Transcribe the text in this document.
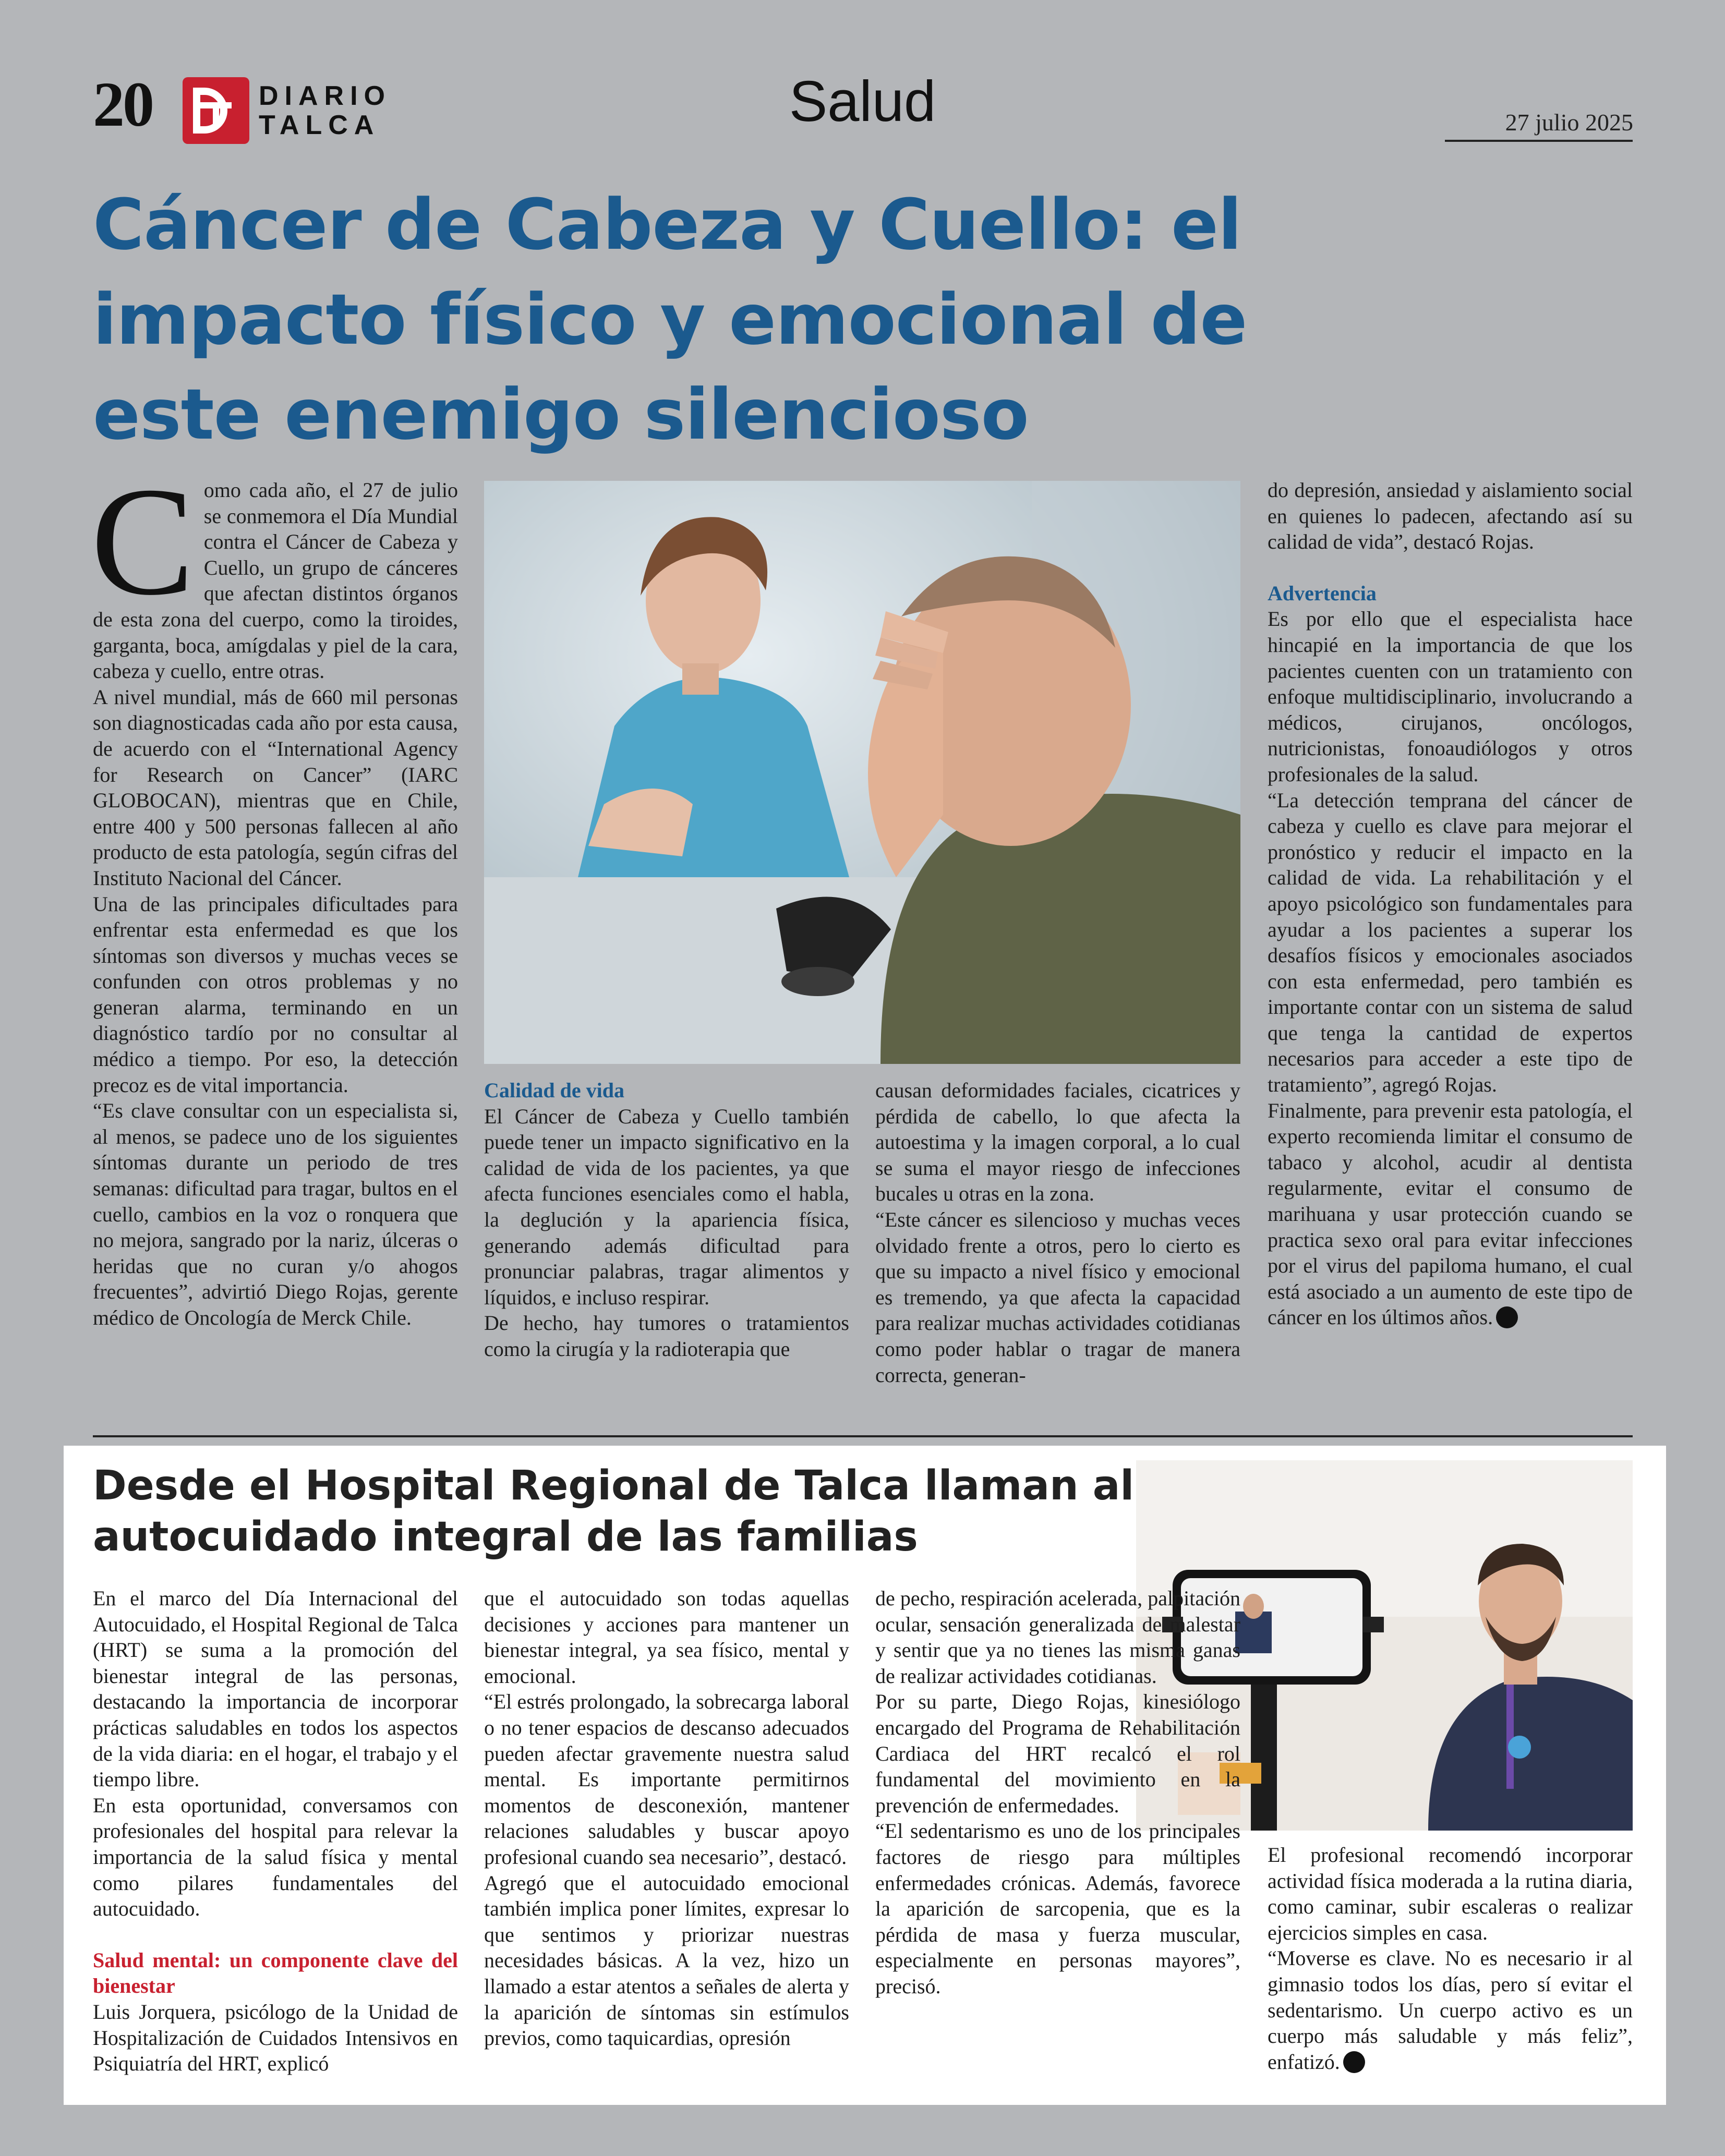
20	DIARIO
TALCA	Salud	27 julio 2025
Cáncer de Cabeza y Cuello: el impacto físico y emocional de este enemigo silencioso
C omo cada año, el 27 de julio se conmemora el Día Mundial contra el Cáncer de Cabeza y Cuello, un grupo de cánceres que afectan distintos órganos de esta zona del cuerpo, como la tiroides, garganta, boca, amígdalas y piel de la cara, cabeza y cuello, entre otras.

A nivel mundial, más de 660 mil personas son diagnosticadas cada año por esta causa, de acuerdo con el “International Agency for Research on Cancer” (IARC GLOBOCAN), mientras que en Chile, entre 400 y 500 personas fallecen al año producto de esta patología, según cifras del Instituto Nacional del Cáncer.

Una de las principales dificultades para enfrentar esta enfermedad es que los síntomas son diversos y muchas veces se confunden con otros problemas y no generan alarma, terminando en un diagnóstico tardío por no consultar al médico a tiempo. Por eso, la detección precoz es de vital importancia.

“Es clave consultar con un especialista si, al menos, se padece uno de los siguientes síntomas durante un periodo de tres semanas: dificultad para tragar, bultos en el cuello, cambios en la voz o ronquera que no mejora, sangrado por la nariz, úlceras o heridas que no curan y/o ahogos frecuentes”, advirtió Diego Rojas, gerente médico de Oncología de Merck Chile.

Calidad de vida

El Cáncer de Cabeza y Cuello también puede tener un impacto significativo en la calidad de vida de los pacientes, ya que afecta funciones esenciales como el habla, la deglución y la apariencia física, generando además dificultad para pronunciar palabras, tragar alimentos y líquidos, e incluso respirar.

De hecho, hay tumores o tratamientos como la cirugía y la radioterapia que

causan deformidades faciales, cicatrices y pérdida de cabello, lo que afecta la autoestima y la imagen corporal, a lo cual se suma el mayor riesgo de infecciones bucales u otras en la zona.

“Este cáncer es silencioso y muchas veces olvidado frente a otros, pero lo cierto es que su impacto a nivel físico y emocional es tremendo, ya que afecta la capacidad para realizar muchas actividades cotidianas como poder hablar o tragar de manera correcta, generan-

do depresión, ansiedad y aislamiento social en quienes lo padecen, afectando así su calidad de vida”, destacó Rojas.

Advertencia

Es por ello que el especialista hace hincapié en la importancia de que los pacientes cuenten con un tratamiento con enfoque multidisciplinario, involucrando a médicos, cirujanos, oncólogos, nutricionistas, fonoaudiólogos y otros profesionales de la salud.

“La detección temprana del cáncer de cabeza y cuello es clave para mejorar el pronóstico y reducir el impacto en la calidad de vida. La rehabilitación y el apoyo psicológico son fundamentales para ayudar a los pacientes a superar los desafíos físicos y emocionales asociados con esta enfermedad, pero también es importante contar con un sistema de salud que tenga la cantidad de expertos necesarios para acceder a este tipo de tratamiento”, agregó Rojas.

Finalmente, para prevenir esta patología, el experto recomienda limitar el consumo de tabaco y alcohol, acudir al dentista regularmente, evitar el consumo de marihuana y usar protección cuando se practica sexo oral para evitar infecciones por el virus del papiloma humano, el cual está asociado a un aumento de este tipo de cáncer en los últimos años.

Desde el Hospital Regional de Talca llaman al autocuidado integral de las familias

En el marco del Día Internacional del Autocuidado, el Hospital Regional de Talca (HRT) se suma a la promoción del bienestar integral de las personas, destacando la importancia de incorporar prácticas saludables en todos los aspectos de la vida diaria: en el hogar, el trabajo y el tiempo libre.

En esta oportunidad, conversamos con profesionales del hospital para relevar la importancia de la salud física y mental como pilares fundamentales del autocuidado.

Salud mental: un componente clave del bienestar

Luis Jorquera, psicólogo de la Unidad de Hospitalización de Cuidados Intensivos en Psiquiatría del HRT, explicó

que el autocuidado son todas aquellas decisiones y acciones para mantener un bienestar integral, ya sea físico, mental y emocional.

“El estrés prolongado, la sobrecarga laboral o no tener espacios de descanso adecuados pueden afectar gravemente nuestra salud mental. Es importante permitirnos momentos de desconexión, mantener relaciones saludables y buscar apoyo profesional cuando sea necesario”, destacó.

Agregó que el autocuidado emocional también implica poner límites, expresar lo que sentimos y priorizar nuestras necesidades básicas. A la vez, hizo un llamado a estar atentos a señales de alerta y la aparición de síntomas sin estímulos previos, como taquicardias, opresión

de pecho, respiración acelerada, palpitación ocular, sensación generalizada de malestar y sentir que ya no tienes las misma ganas de realizar actividades cotidianas.

Por su parte, Diego Rojas, kinesiólogo encargado del Programa de Rehabilitación Cardiaca del HRT recalcó el rol fundamental del movimiento en la prevención de enfermedades.

“El sedentarismo es uno de los principales factores de riesgo para múltiples enfermedades crónicas. Además, favorece la aparición de sarcopenia, que es la pérdida de masa y fuerza muscular, especialmente en personas mayores”, precisó.

El profesional recomendó incorporar actividad física moderada a la rutina diaria, como caminar, subir escaleras o realizar ejercicios simples en casa.

“Moverse es clave. No es necesario ir al gimnasio todos los días, pero sí evitar el sedentarismo. Un cuerpo activo es un cuerpo más saludable y más feliz”, enfatizó.
